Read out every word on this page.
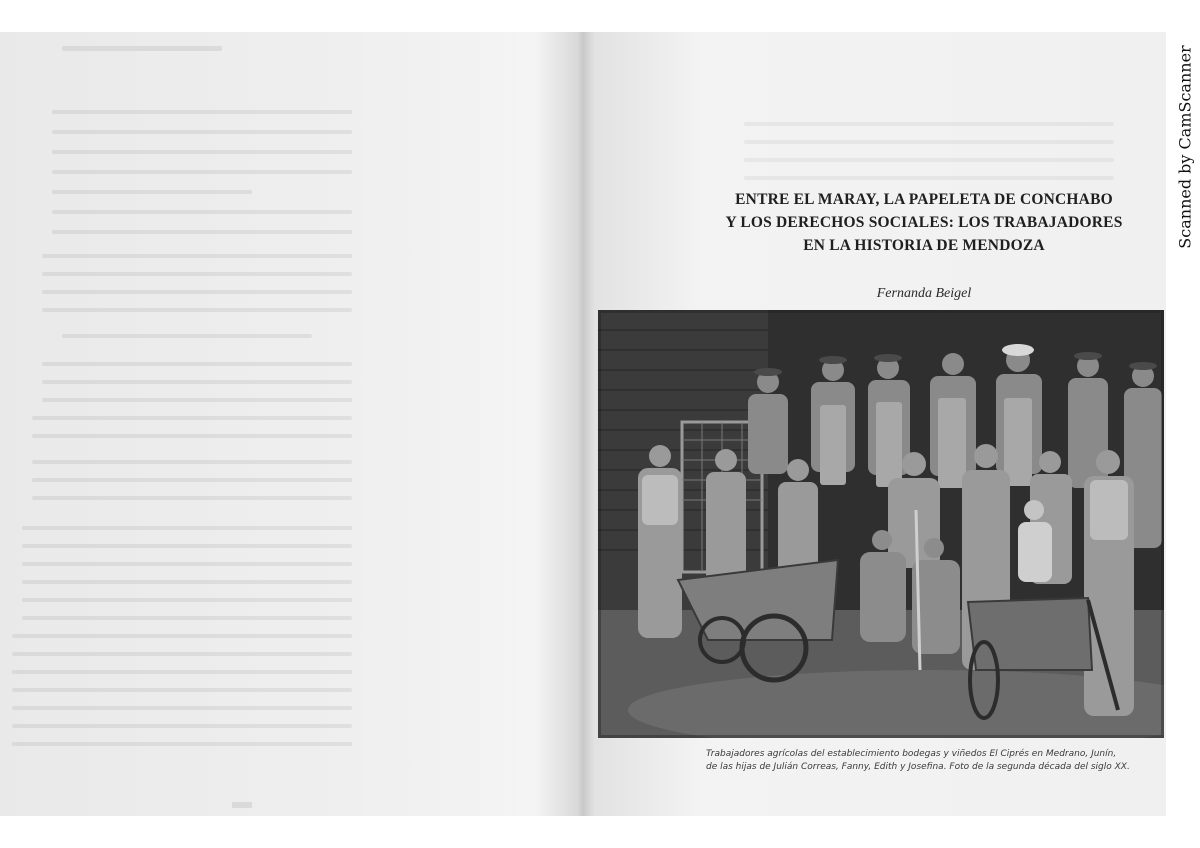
ENTRE EL MARAY, LA PAPELETA DE CONCHABO
Y LOS DERECHOS SOCIALES: LOS TRABAJADORES
EN LA HISTORIA DE MENDOZA
Fernanda Beigel
Trabajadores agrícolas del establecimiento bodegas y viñedos El Ciprés en Medrano, Junín,
de las hijas de Julián Correas, Fanny, Edith y Josefina. Foto de la segunda década del siglo XX.
Scanned by CamScanner
